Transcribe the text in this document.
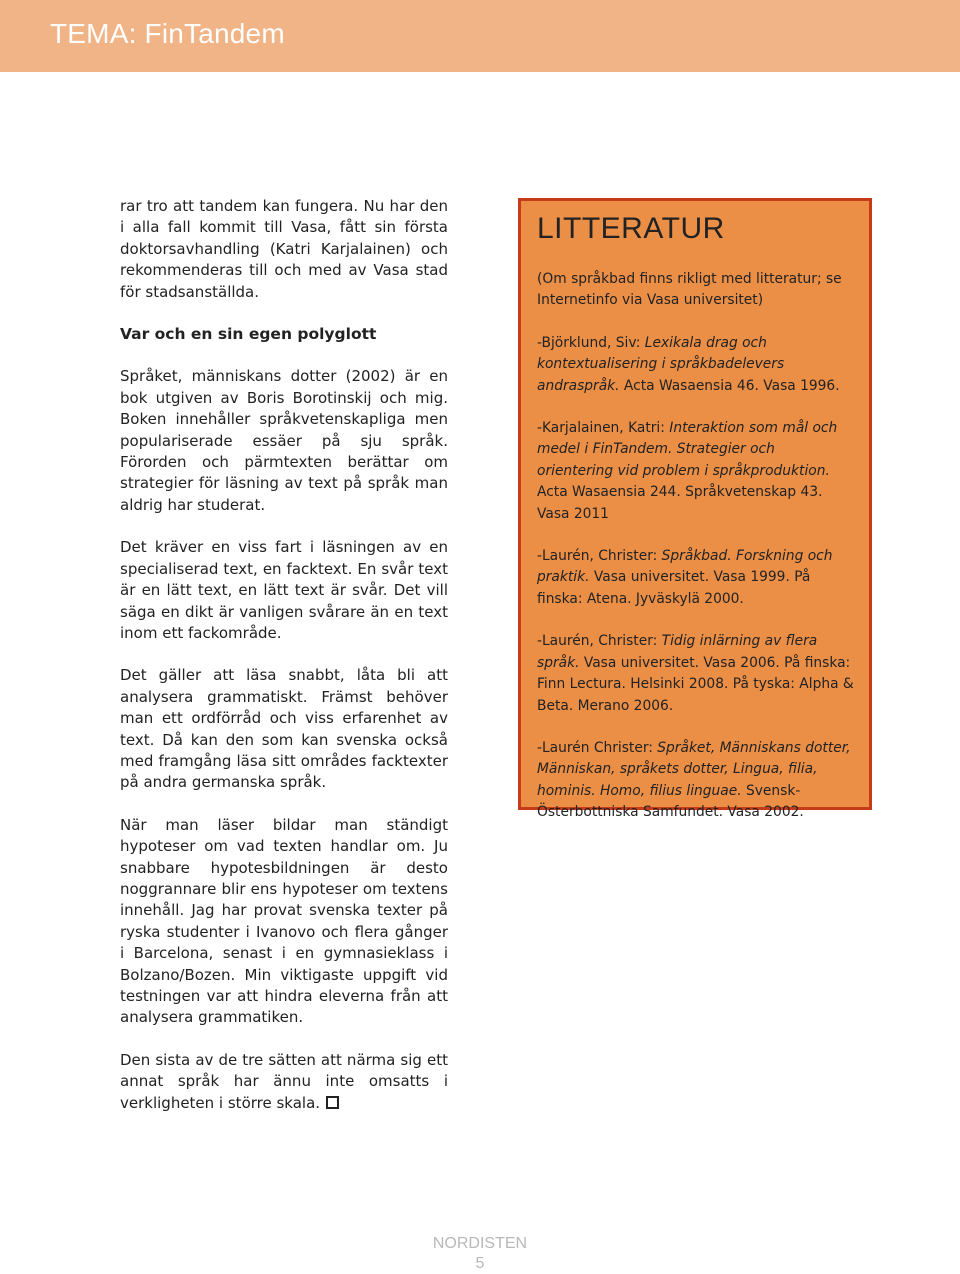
TEMA: FinTandem

rar tro att tandem kan fungera. Nu har den i alla fall kommit till Vasa, fått sin första doktorsavhandling (Katri Karjalainen) och rekommenderas till och med av Vasa stad för stadsanställda.

Var och en sin egen polyglott

Språket, människans dotter (2002) är en bok utgiven av Boris Borotinskij och mig. Boken innehåller språkvetenskapliga men populariserade essäer på sju språk. Förorden och pärmtexten berättar om strategier för läsning av text på språk man aldrig har studerat.

Det kräver en viss fart i läsningen av en specialiserad text, en facktext. En svår text är en lätt text, en lätt text är svår. Det vill säga en dikt är vanligen svårare än en text inom ett fackområde.

Det gäller att läsa snabbt, låta bli att analysera grammatiskt. Främst behöver man ett ordförråd och viss erfarenhet av text. Då kan den som kan svenska också med framgång läsa sitt områdes facktexter på andra germanska språk.

När man läser bildar man ständigt hypoteser om vad texten handlar om. Ju snabbare hypotesbildningen är desto noggrannare blir ens hypoteser om textens innehåll. Jag har provat svenska texter på ryska studenter i Ivanovo och flera gånger i Barcelona, senast i en gymnasieklass i Bolzano/Bozen. Min viktigaste uppgift vid testningen var att hindra eleverna från att analysera grammatiken.

Den sista av de tre sätten att närma sig ett annat språk har ännu inte omsatts i verkligheten i större skala.

LITTERATUR

(Om språkbad finns rikligt med litteratur; se Internetinfo via Vasa universitet)

-Björklund, Siv: Lexikala drag och kontextualisering i språkbadelevers andraspråk. Acta Wasaensia 46. Vasa 1996.

-Karjalainen, Katri: Interaktion som mål och medel i FinTandem. Strategier och orientering vid problem i språkproduktion. Acta Wasaensia 244. Språkvetenskap 43. Vasa 2011

-Laurén, Christer: Språkbad. Forskning och praktik. Vasa universitet. Vasa 1999. På finska: Atena. Jyväskylä 2000.

-Laurén, Christer: Tidig inlärning av flera språk. Vasa universitet. Vasa 2006. På finska: Finn Lectura. Helsinki 2008. På tyska: Alpha & Beta. Merano 2006.

-Laurén Christer: Språket, Människans dotter, Människan, språkets dotter, Lingua, filia, hominis. Homo, filius linguae. Svensk-Österbottniska Samfundet. Vasa 2002.

NORDISTEN
5
